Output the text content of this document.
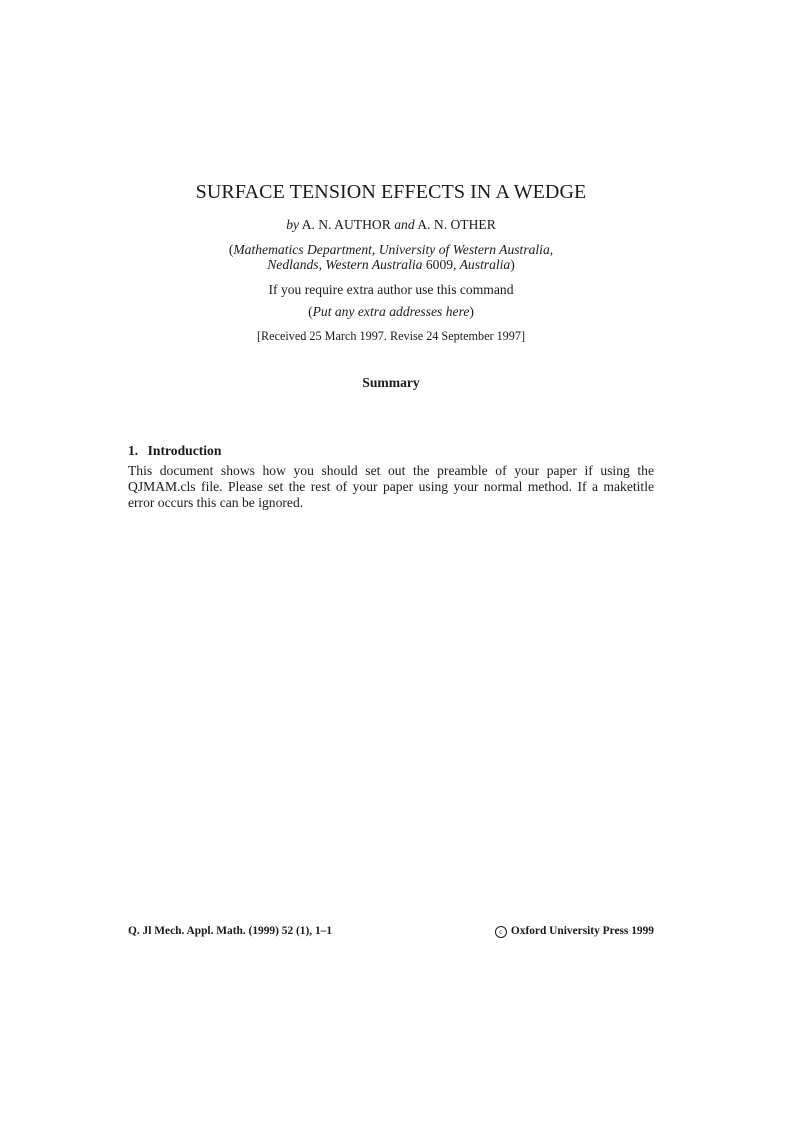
SURFACE TENSION EFFECTS IN A WEDGE
by A. N. AUTHOR and A. N. OTHER
(Mathematics Department, University of Western Australia,
Nedlands, Western Australia 6009, Australia)
If you require extra author use this command
(Put any extra addresses here)
[Received 25 March 1997. Revise 24 September 1997]
Summary
1. Introduction
This document shows how you should set out the preamble of your paper if using the
QJMAM.cls file. Please set the rest of your paper using your normal method. If a maketitle
error occurs this can be ignored.
Q. Jl Mech. Appl. Math. (1999) 52 (1), 1–1	c Oxford University Press 1999
